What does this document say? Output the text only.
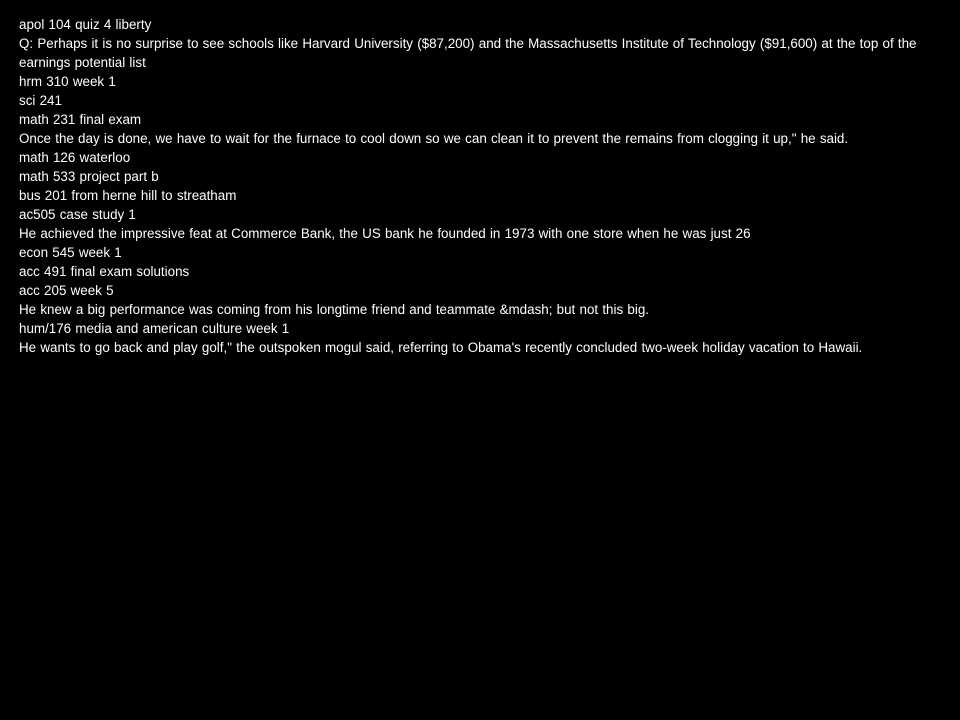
apol 104 quiz 4 liberty
Q: Perhaps it is no surprise to see schools like Harvard University ($87,200) and the Massachusetts Institute of Technology ($91,600) at the top of the earnings potential list
hrm 310 week 1
sci 241
math 231 final exam
Once the day is done, we have to wait for the furnace to cool down so we can clean it to prevent the remains from clogging it up," he said.
math 126 waterloo
math 533 project part b
bus 201 from herne hill to streatham
ac505 case study 1
He achieved the impressive feat at Commerce Bank, the US bank he founded in 1973 with one store when he was just 26
econ 545 week 1
acc 491 final exam solutions
acc 205 week 5
He knew a big performance was coming from his longtime friend and teammate &mdash; but not this big.
hum/176 media and american culture week 1
He wants to go back and play golf," the outspoken mogul said, referring to Obama's recently concluded two-week holiday vacation to Hawaii.
